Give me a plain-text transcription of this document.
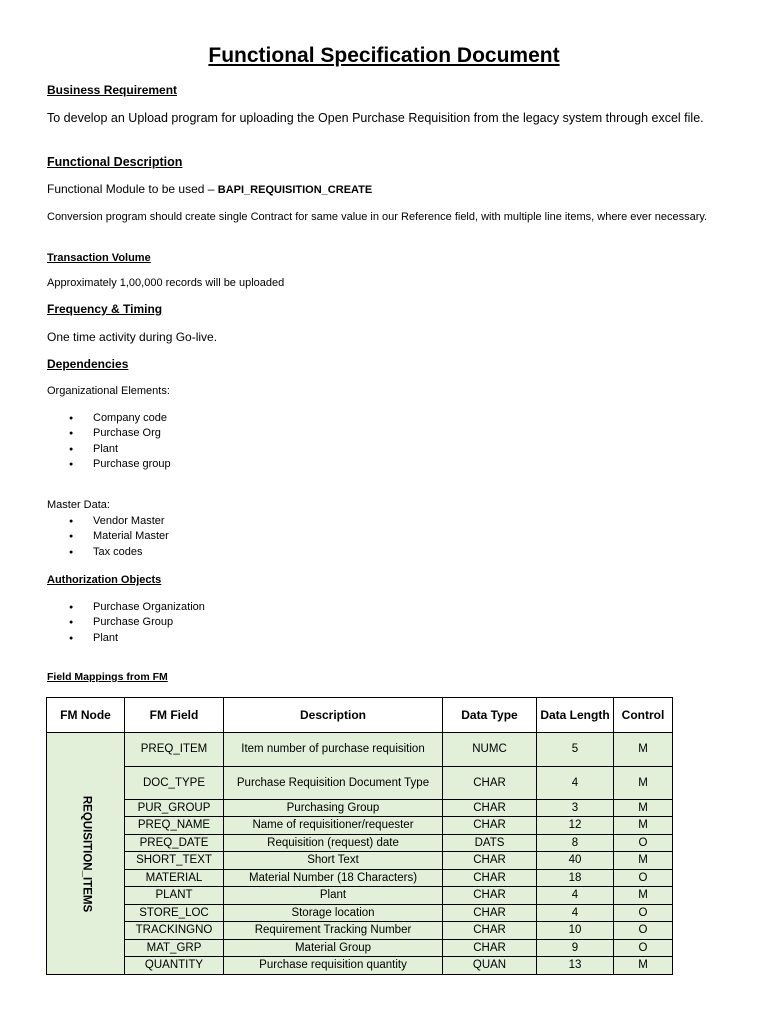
Functional Specification Document
Business Requirement
To develop an Upload program for uploading the Open Purchase Requisition from the legacy system through excel file.
Functional Description
Functional Module to be used – BAPI_REQUISITION_CREATE
Conversion program should create single Contract for same value in our Reference field, with multiple line items, where ever necessary.
Transaction Volume
Approximately 1,00,000 records will be uploaded
Frequency & Timing
One time activity during Go-live.
Dependencies
Organizational Elements:
● Company code
● Purchase Org
● Plant
● Purchase group
Master Data:
● Vendor Master
● Material Master
● Tax codes
Authorization Objects
● Purchase Organization
● Purchase Group
● Plant
Field Mappings from FM
FM Node	FM Field	Description	Data Type	Data Length	Control

REQUISITION_ITEMS	PREQ_ITEM	Item number of purchase requisition	NUMC	5	M
	DOC_TYPE	Purchase Requisition Document Type	CHAR	4	M
	PUR_GROUP	Purchasing Group	CHAR	3	M
	PREQ_NAME	Name of requisitioner/requester	CHAR	12	M
	PREQ_DATE	Requisition (request) date	DATS	8	O
	SHORT_TEXT	Short Text	CHAR	40	M
	MATERIAL	Material Number (18 Characters)	CHAR	18	O
	PLANT	Plant	CHAR	4	M
	STORE_LOC	Storage location	CHAR	4	O
	TRACKINGNO	Requirement Tracking Number	CHAR	10	O
	MAT_GRP	Material Group	CHAR	9	O
	QUANTITY	Purchase requisition quantity	QUAN	13	M
